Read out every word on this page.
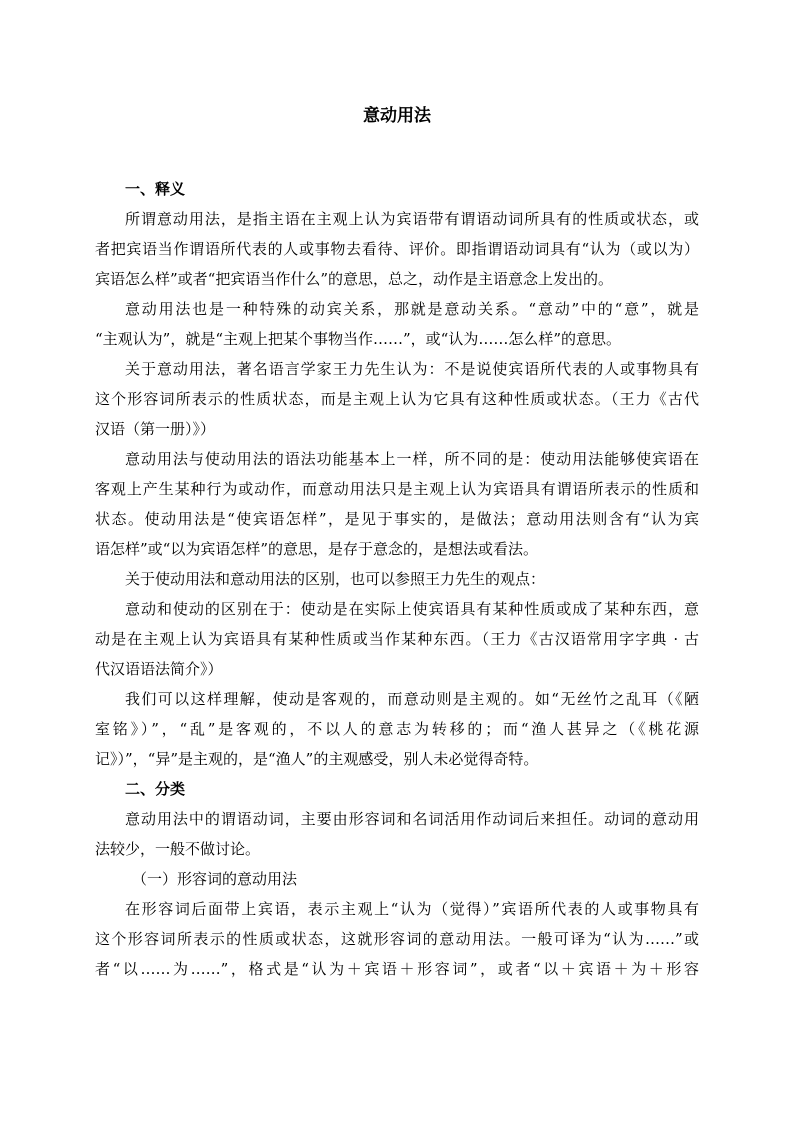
意动用法
一、释义
所谓意动用法，是指主语在主观上认为宾语带有谓语动词所具有的性质或状态，或
者把宾语当作谓语所代表的人或事物去看待、评价。即指谓语动词具有“认为（或以为）
宾语怎么样”或者“把宾语当作什么”的意思，总之，动作是主语意念上发出的。
意动用法也是一种特殊的动宾关系，那就是意动关系。“意动”中的“意”，就是
“主观认为”，就是“主观上把某个事物当作……”，或“认为……怎么样”的意思。
关于意动用法，著名语言学家王力先生认为：不是说使宾语所代表的人或事物具有
这个形容词所表示的性质状态，而是主观上认为它具有这种性质或状态。（王力《古代
汉语（第一册）》）
意动用法与使动用法的语法功能基本上一样，所不同的是：使动用法能够使宾语在
客观上产生某种行为或动作，而意动用法只是主观上认为宾语具有谓语所表示的性质和
状态。使动用法是“使宾语怎样”，是见于事实的，是做法；意动用法则含有“认为宾
语怎样”或“以为宾语怎样”的意思，是存于意念的，是想法或看法。
关于使动用法和意动用法的区别，也可以参照王力先生的观点：
意动和使动的区别在于：使动是在实际上使宾语具有某种性质或成了某种东西，意
动是在主观上认为宾语具有某种性质或当作某种东西。（王力《古汉语常用字字典 · 古
代汉语语法简介》）
我们可以这样理解，使动是客观的，而意动则是主观的。如“无丝竹之乱耳（《陋
室铭》）”，“乱”是客观的，不以人的意志为转移的；而“渔人甚异之（《桃花源
记》）”，“异”是主观的，是“渔人”的主观感受，别人未必觉得奇特。
二、分类
意动用法中的谓语动词，主要由形容词和名词活用作动词后来担任。动词的意动用
法较少，一般不做讨论。
（一）形容词的意动用法
在形容词后面带上宾语，表示主观上“认为（觉得）”宾语所代表的人或事物具有
这个形容词所表示的性质或状态，这就形容词的意动用法。一般可译为“认为……”或
者“以……为……”，格式是“认为＋宾语＋形容词”，或者“以＋宾语＋为＋形容
